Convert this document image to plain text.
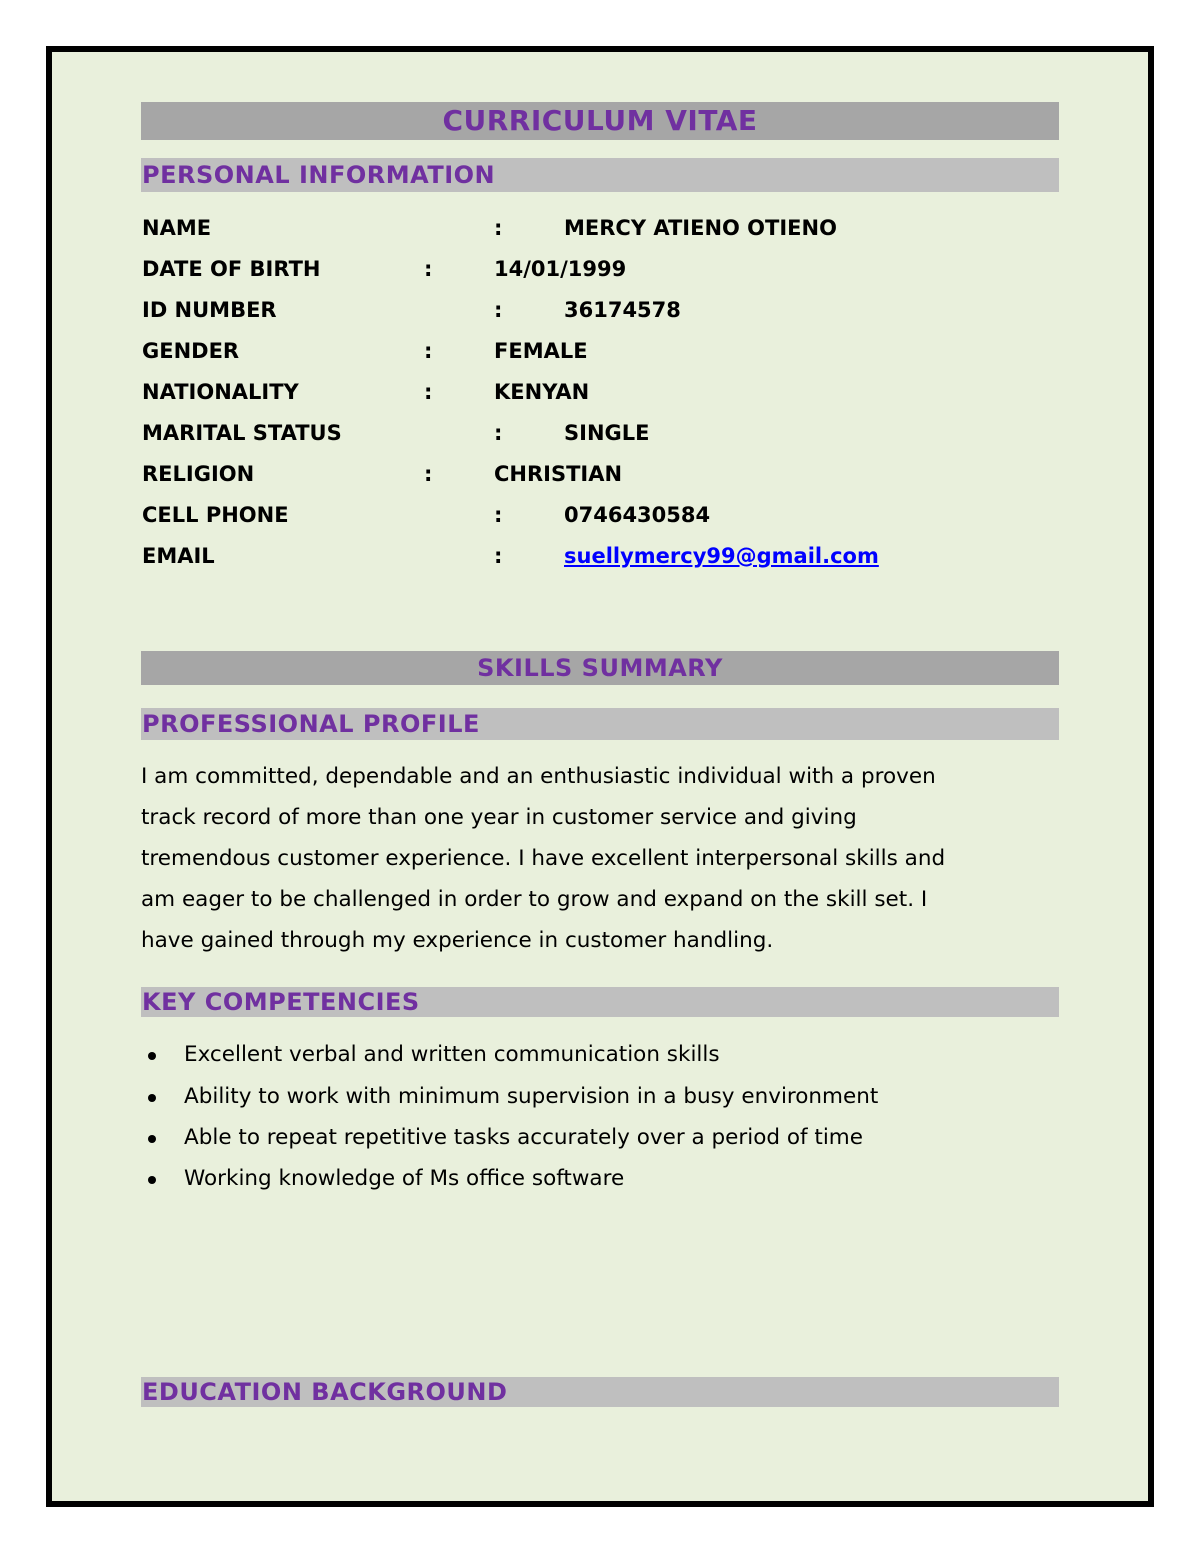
CURRICULUM VITAE
PERSONAL INFORMATION
NAME	:	MERCY ATIENO OTIENO
DATE OF BIRTH	:	14/01/1999
ID NUMBER	:	36174578
GENDER	:	FEMALE
NATIONALITY	:	KENYAN
MARITAL STATUS	:	SINGLE
RELIGION	:	CHRISTIAN
CELL PHONE	:	0746430584
EMAIL	:	suellymercy99@gmail.com
SKILLS SUMMARY
PROFESSIONAL PROFILE

I am committed, dependable and an enthusiastic individual with a proven

track record of more than one year in customer service and giving

tremendous customer experience. I have excellent interpersonal skills and

am eager to be challenged in order to grow and expand on the skill set. I

have gained through my experience in customer handling.

KEY COMPETENCIES
Excellent verbal and written communication skills
Ability to work with minimum supervision in a busy environment
Able to repeat repetitive tasks accurately over a period of time
Working knowledge of Ms office software
EDUCATION BACKGROUND
